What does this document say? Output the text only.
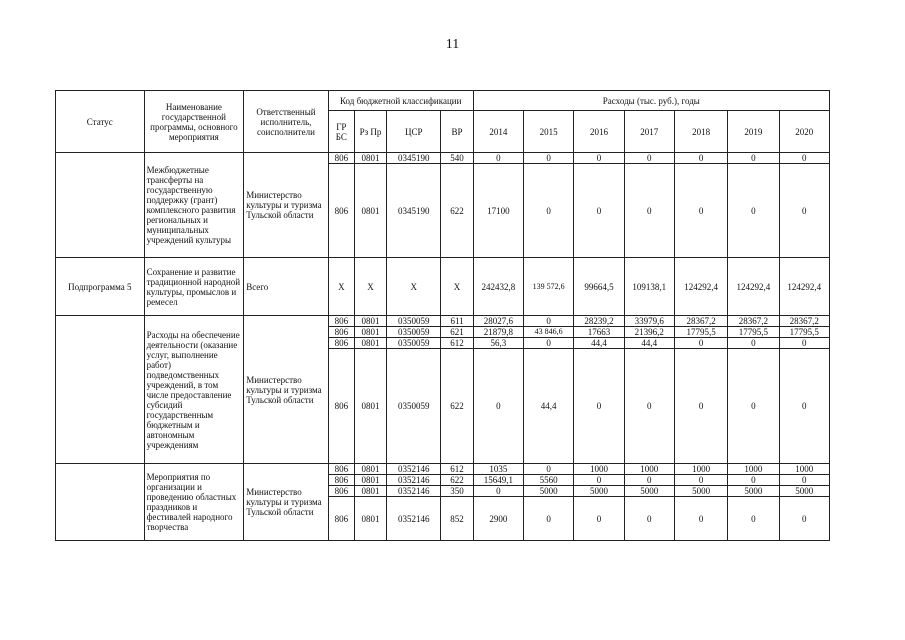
11
Статус	Наименование государственной программы, основного мероприятия	Ответственный исполнитель, соисполнители	Код бюджетной классификации				Расходы (тыс. руб.), годы						
			ГР БС	Рз Пр	ЦСР	ВР	2014	2015	2016	2017	2018	2019	2020
	Межбюджетные трансферты на государственную поддержку (грант) комплексного развития региональных и муниципальных учреждений культуры	Министерство культуры и туризма Тульской области	806	0801	0345190	540	0	0	0	0	0	0	0
			806	0801	0345190	622	17100	0	0	0	0	0	0
Подпрограмма 5	Сохранение и развитие традиционной народной культуры, промыслов и ремесел	Всего	Х	Х	Х	Х	242432,8	139 572,6	99664,5	109138,1	124292,4	124292,4	124292,4
	Расходы на обеспечение деятельности (оказание услуг, выполнение работ) подведомственных учреждений, в том числе предоставление субсидий государственным бюджетным и автономным учреждениям	Министерство культуры и туризма Тульской области	806	0801	0350059	611	28027,6	0	28239,2	33979,6	28367,2	28367,2	28367,2
			806	0801	0350059	621	21879,8	43 846,6	17663	21396,2	17795,5	17795,5	17795,5
			806	0801	0350059	612	56,3	0	44,4	44,4	0	0	0
			806	0801	0350059	622	0	44,4	0	0	0	0	0
	Мероприятия по организации и проведению областных праздников и фестивалей народного творчества	Министерство культуры и туризма Тульской области	806	0801	0352146	612	1035	0	1000	1000	1000	1000	1000
			806	0801	0352146	622	15649,1	5560	0	0	0	0	0
			806	0801	0352146	350	0	5000	5000	5000	5000	5000	5000
			806	0801	0352146	852	2900	0	0	0	0	0	0
